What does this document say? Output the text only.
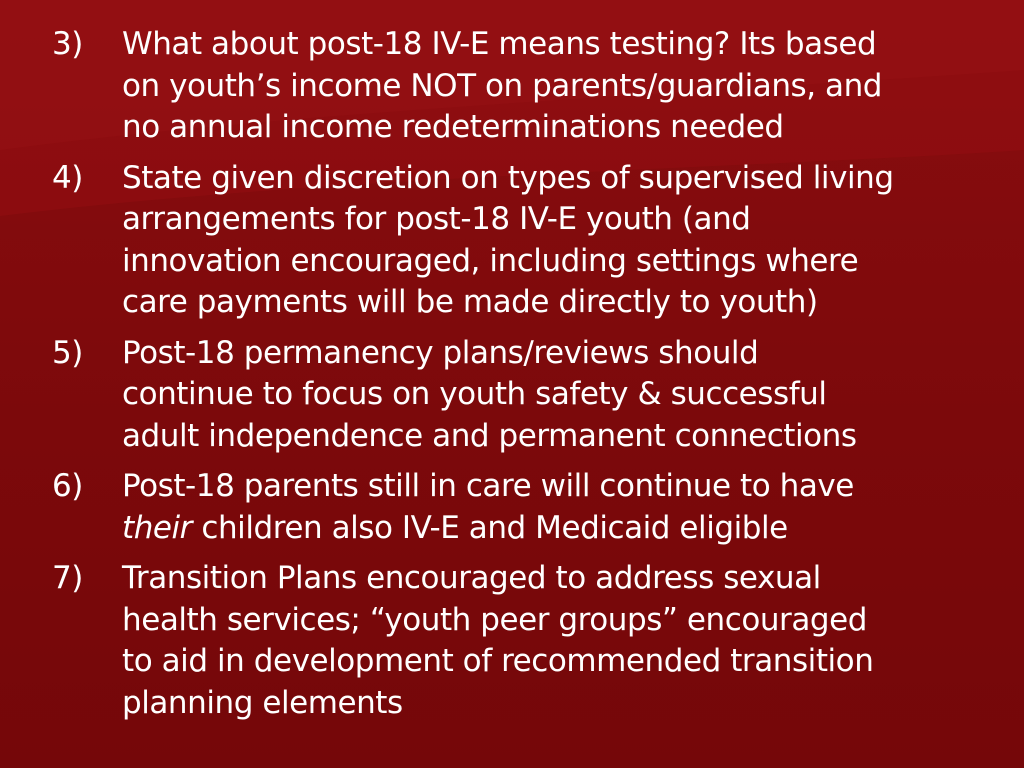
3)	What about post-18 IV-E means testing? Its based
on youth’s income NOT on parents/guardians, and
no annual income redeterminations needed
4)	State given discretion on types of supervised living
arrangements for post-18 IV-E youth (and
innovation encouraged, including settings where
care payments will be made directly to youth)
5)	Post-18 permanency plans/reviews should
continue to focus on youth safety & successful
adult independence and permanent connections
6)	Post-18 parents still in care will continue to have
their children also IV-E and Medicaid eligible
7)	Transition Plans encouraged to address sexual
health services; “youth peer groups” encouraged
to aid in development of recommended transition
planning elements
